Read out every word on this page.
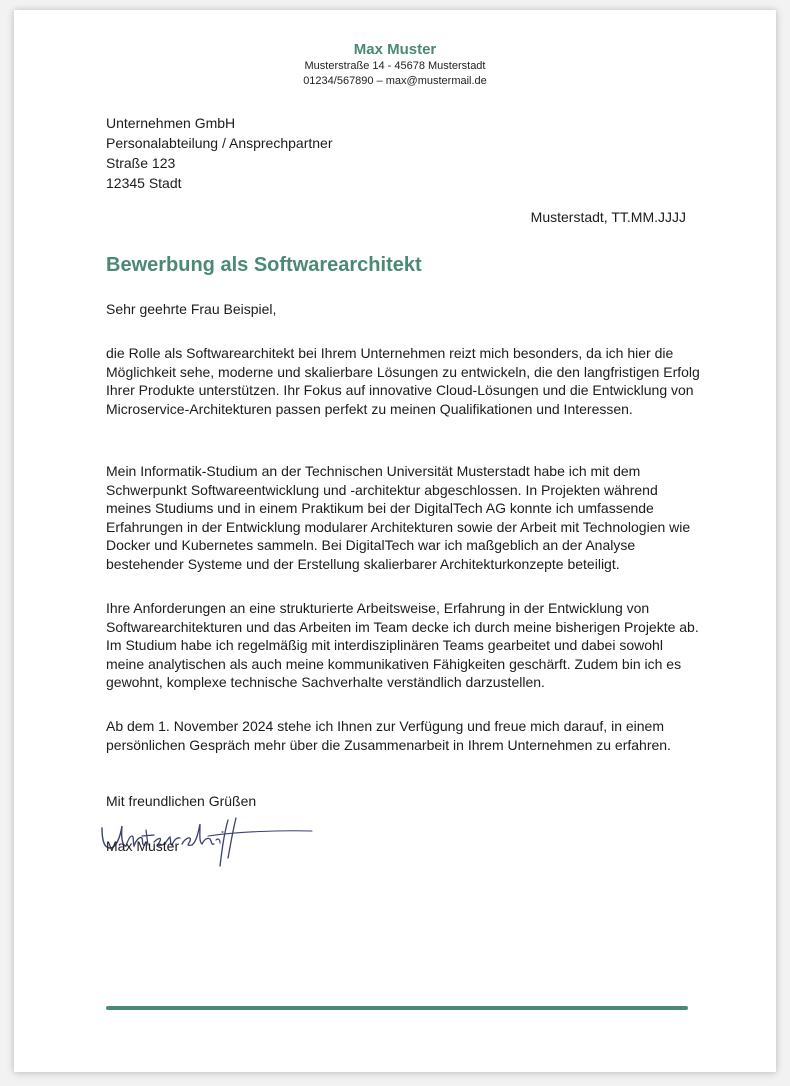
Max Muster
Musterstraße 14 - 45678 Musterstadt
01234/567890 – max@mustermail.de
Unternehmen GmbH
Personalabteilung / Ansprechpartner
Straße 123
12345 Stadt
Musterstadt, TT.MM.JJJJ
Bewerbung als Softwarearchitekt
Sehr geehrte Frau Beispiel,

die Rolle als Softwarearchitekt bei Ihrem Unternehmen reizt mich besonders, da ich hier die Möglichkeit sehe, moderne und skalierbare Lösungen zu entwickeln, die den langfristigen Erfolg Ihrer Produkte unterstützen. Ihr Fokus auf innovative Cloud-Lösungen und die Entwicklung von Microservice-Architekturen passen perfekt zu meinen Qualifikationen und Interessen.

Mein Informatik-Studium an der Technischen Universität Musterstadt habe ich mit dem Schwerpunkt Softwareentwicklung und -architektur abgeschlossen. In Projekten während meines Studiums und in einem Praktikum bei der DigitalTech AG konnte ich umfassende Erfahrungen in der Entwicklung modularer Architekturen sowie der Arbeit mit Technologien wie Docker und Kubernetes sammeln. Bei DigitalTech war ich maßgeblich an der Analyse bestehender Systeme und der Erstellung skalierbarer Architekturkonzepte beteiligt.

Ihre Anforderungen an eine strukturierte Arbeitsweise, Erfahrung in der Entwicklung von Softwarearchitekturen und das Arbeiten im Team decke ich durch meine bisherigen Projekte ab. Im Studium habe ich regelmäßig mit interdisziplinären Teams gearbeitet und dabei sowohl meine analytischen als auch meine kommunikativen Fähigkeiten geschärft. Zudem bin ich es gewohnt, komplexe technische Sachverhalte verständlich darzustellen.

Ab dem 1. November 2024 stehe ich Ihnen zur Verfügung und freue mich darauf, in einem persönlichen Gespräch mehr über die Zusammenarbeit in Ihrem Unternehmen zu erfahren.

Mit freundlichen Grüßen
Max Muster
